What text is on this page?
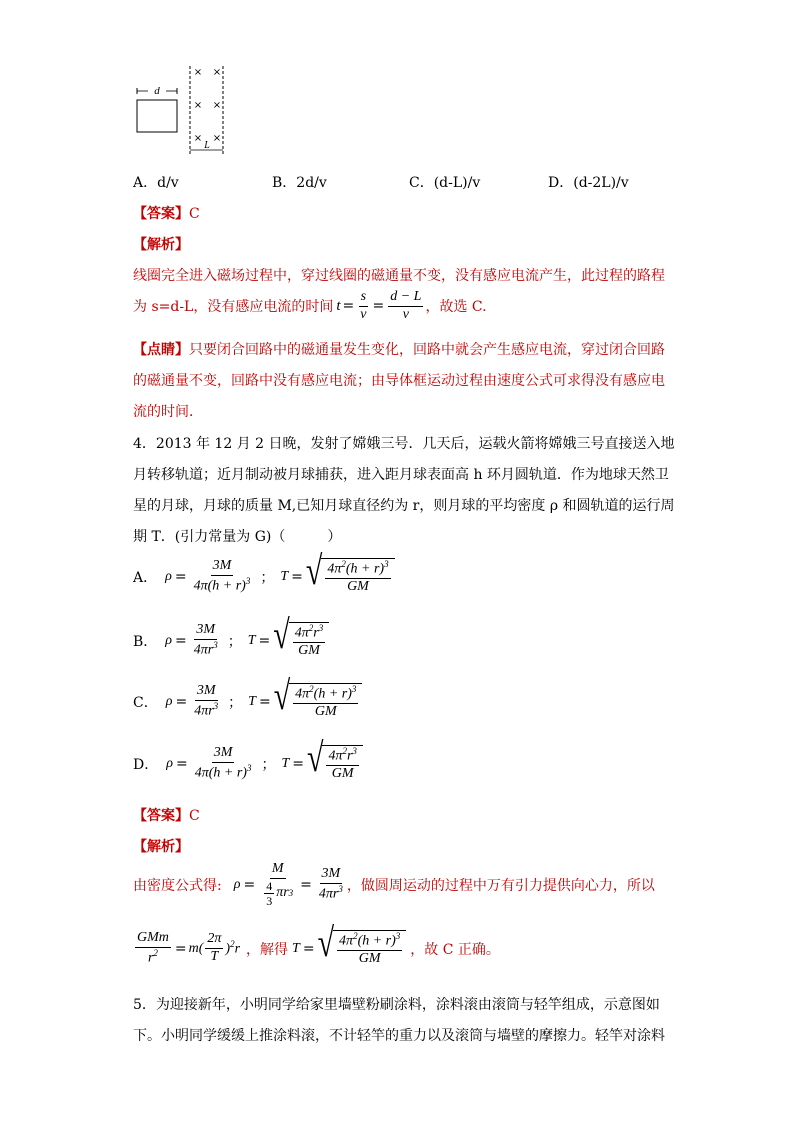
d
× ×
× ×
× ×
L
A．d/v	B．2d/v	C．(d-L)/v	D．(d-2L)/v
【答案】C
【解析】
线圈完全进入磁场过程中，穿过线圈的磁通量不变，没有感应电流产生，此过程的路程
为 s=d-L，没有感应电流的时间 $t = \frac{s}{v} = \frac{d - L}{v}$ ，故选 C.
【点睛】只要闭合回路中的磁通量发生变化，回路中就会产生感应电流，穿过闭合回路
的磁通量不变，回路中没有感应电流；由导体框运动过程由速度公式可求得没有感应电
流的时间．
4．2013 年 12 月 2 日晚，发射了嫦娥三号．几天后，运载火箭将嫦娥三号直接送入地
月转移轨道；近月制动被月球捕获，进入距月球表面高 h 环月圆轨道．作为地球天然卫
星的月球，月球的质量 M,已知月球直径约为 r，则月球的平均密度 ρ 和圆轨道的运行周
期 T．(引力常量为 G)（　　　）
A． $\rho = \frac{3M}{4\pi(h + r)^3}$ ； T = √ $\frac{4\pi^2(h + r)^3}{GM}$
B． $\rho = \frac{3M}{4\pi r^3}$ ； T = √ $\frac{4\pi^2r^3}{GM}$
C． $\rho = \frac{3M}{4\pi r^3}$ ； T = √ $\frac{4\pi^2(h + r)^3}{GM}$
D． $\rho = \frac{3M}{4\pi(h + r)^3}$ ； T = √ $\frac{4\pi^2r^3}{GM}$
【答案】C
【解析】
由密度公式得: $\rho = \frac{M}{\frac{4}{3} \pi r 3} = \frac{3M}{4\pi r^3}$ ，做圆周运动的过程中万有引力提供向心力，所以
$\frac{\text{GMm}}{r^2} = m( \frac{2\pi}{T} )^2r$ ，解得 T = √ $\frac{4\pi^2(h + r)^3}{GM}$ ，故 C 正确。
5．为迎接新年，小明同学给家里墙壁粉刷涂料，涂料滚由滚筒与轻竿组成，示意图如
下。小明同学缓缓上推涂料滚，不计轻竿的重力以及滚筒与墙壁的摩擦力。轻竿对涂料
